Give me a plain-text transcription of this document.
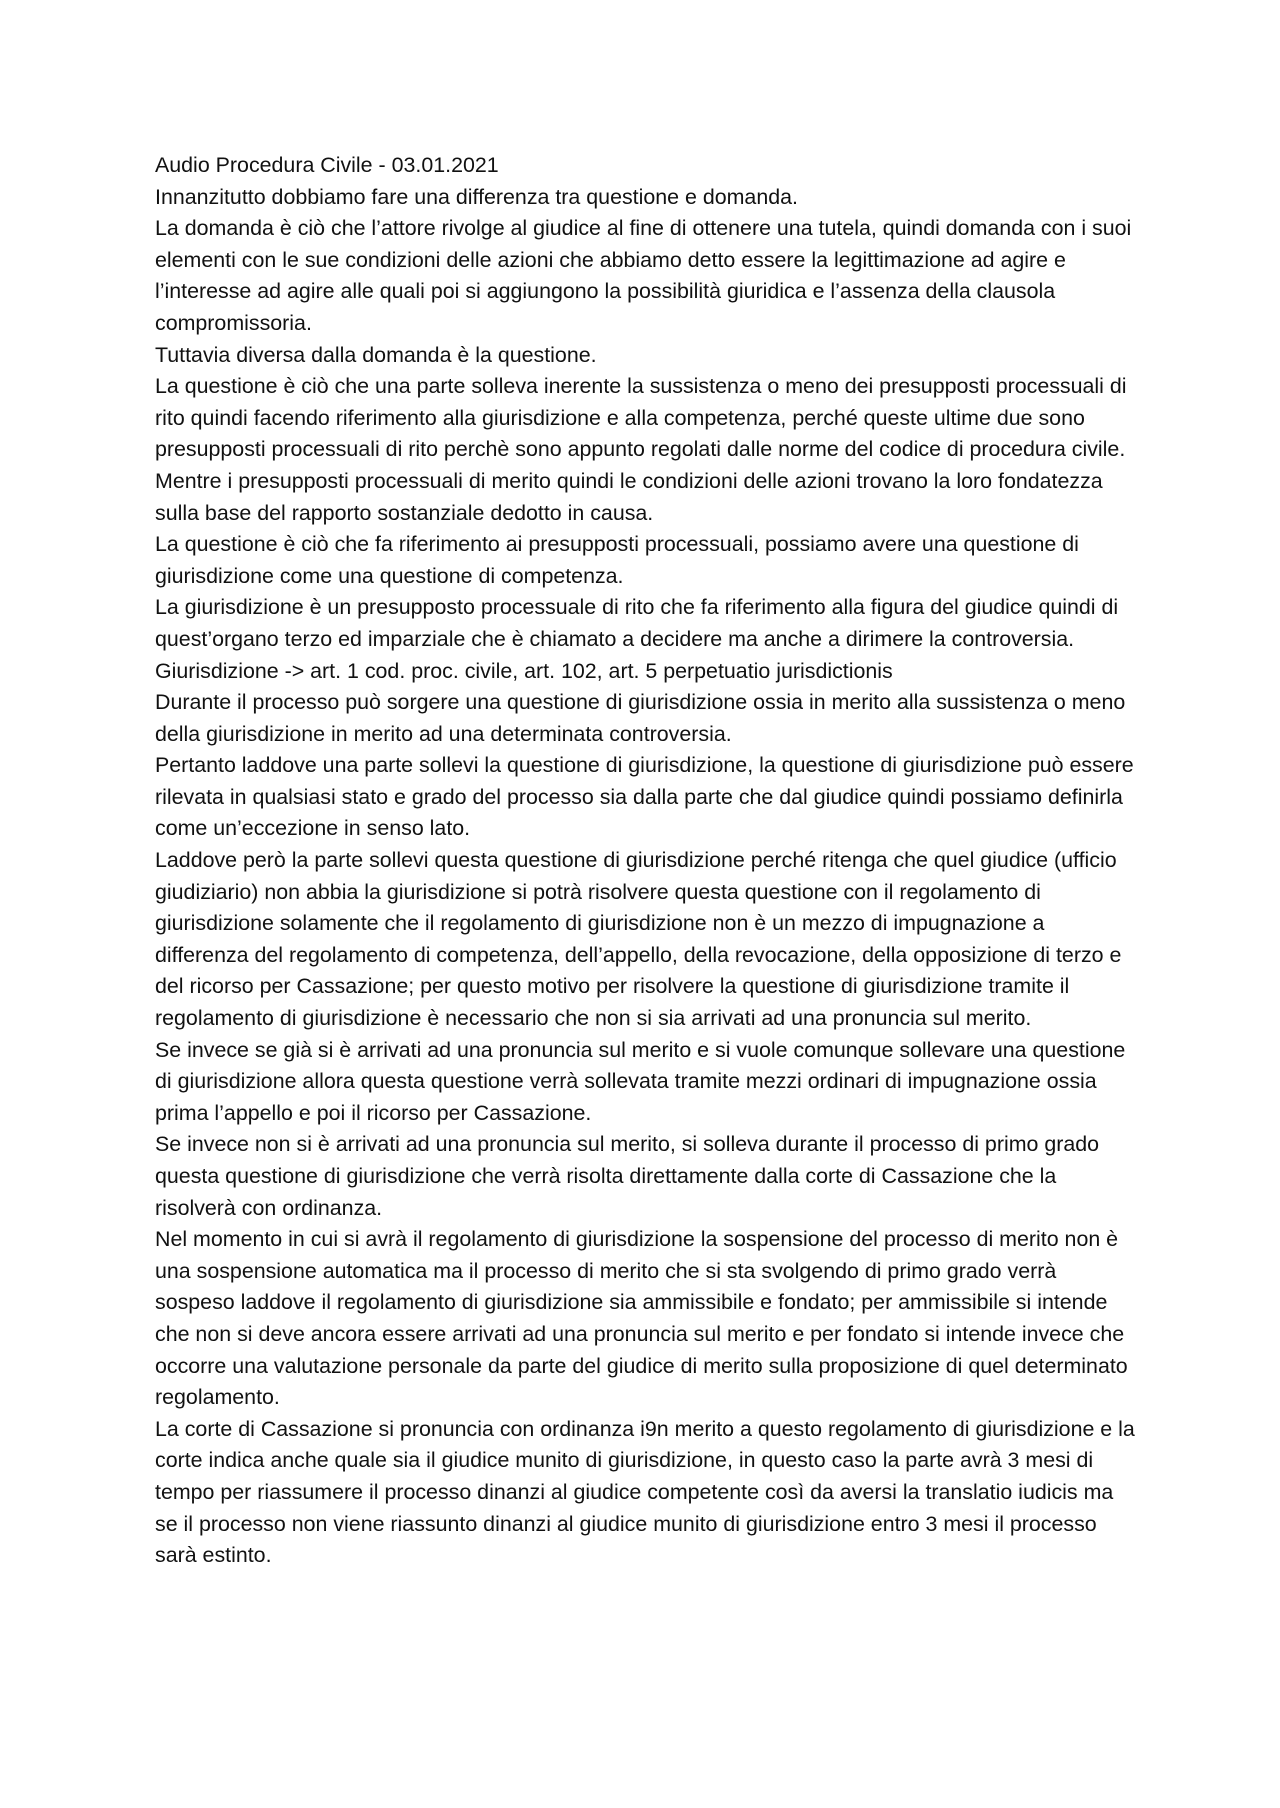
Audio Procedura Civile - 03.01.2021

Innanzitutto dobbiamo fare una differenza tra questione e domanda.

La domanda è ciò che l’attore rivolge al giudice al fine di ottenere una tutela, quindi domanda con i suoi elementi con le sue condizioni delle azioni che abbiamo detto essere la legittimazione ad agire e l’interesse ad agire alle quali poi si aggiungono la possibilità giuridica e l’assenza della clausola compromissoria.

Tuttavia diversa dalla domanda è la questione.

La questione è ciò che una parte solleva inerente la sussistenza o meno dei presupposti processuali di rito quindi facendo riferimento alla giurisdizione e alla competenza, perché queste ultime due sono presupposti processuali di rito perchè sono appunto regolati dalle norme del codice di procedura civile.

Mentre i presupposti processuali di merito quindi le condizioni delle azioni trovano la loro fondatezza sulla base del rapporto sostanziale dedotto in causa.

La questione è ciò che fa riferimento ai presupposti processuali, possiamo avere una questione di giurisdizione come una questione di competenza.

La giurisdizione è un presupposto processuale di rito che fa riferimento alla figura del giudice quindi di quest’organo terzo ed imparziale che è chiamato a decidere ma anche a dirimere la controversia.

Giurisdizione -> art. 1 cod. proc. civile, art. 102, art. 5 perpetuatio jurisdictionis

Durante il processo può sorgere una questione di giurisdizione ossia in merito alla sussistenza o meno della giurisdizione in merito ad una determinata controversia.

Pertanto laddove una parte sollevi la questione di giurisdizione, la questione di giurisdizione può essere rilevata in qualsiasi stato e grado del processo sia dalla parte che dal giudice quindi possiamo definirla come un’eccezione in senso lato.

Laddove però la parte sollevi questa questione di giurisdizione perché ritenga che quel giudice (ufficio giudiziario) non abbia la giurisdizione si potrà risolvere questa questione con il regolamento di giurisdizione solamente che il regolamento di giurisdizione non è un mezzo di impugnazione a differenza del regolamento di competenza, dell’appello, della revocazione, della opposizione di terzo e del ricorso per Cassazione; per questo motivo per risolvere la questione di giurisdizione tramite il regolamento di giurisdizione è necessario che non si sia arrivati ad una pronuncia sul merito.

Se invece se già si è arrivati ad una pronuncia sul merito e si vuole comunque sollevare una questione di giurisdizione allora questa questione verrà sollevata tramite mezzi ordinari di impugnazione ossia prima l’appello e poi il ricorso per Cassazione.

Se invece non si è arrivati ad una pronuncia sul merito, si solleva durante il processo di primo grado questa questione di giurisdizione che verrà risolta direttamente dalla corte di Cassazione che la risolverà con ordinanza.

Nel momento in cui si avrà il regolamento di giurisdizione la sospensione del processo di merito non è una sospensione automatica ma il processo di merito che si sta svolgendo di primo grado verrà sospeso laddove il regolamento di giurisdizione sia ammissibile e fondato; per ammissibile si intende che non si deve ancora essere arrivati ad una pronuncia sul merito e per fondato si intende invece che occorre una valutazione personale da parte del giudice di merito sulla proposizione di quel determinato regolamento.

La corte di Cassazione si pronuncia con ordinanza i9n merito a questo regolamento di giurisdizione e la corte indica anche quale sia il giudice munito di giurisdizione, in questo caso la parte avrà 3 mesi di tempo per riassumere il processo dinanzi al giudice competente così da aversi la translatio iudicis ma se il processo non viene riassunto dinanzi al giudice munito di giurisdizione entro 3 mesi il processo sarà estinto.
